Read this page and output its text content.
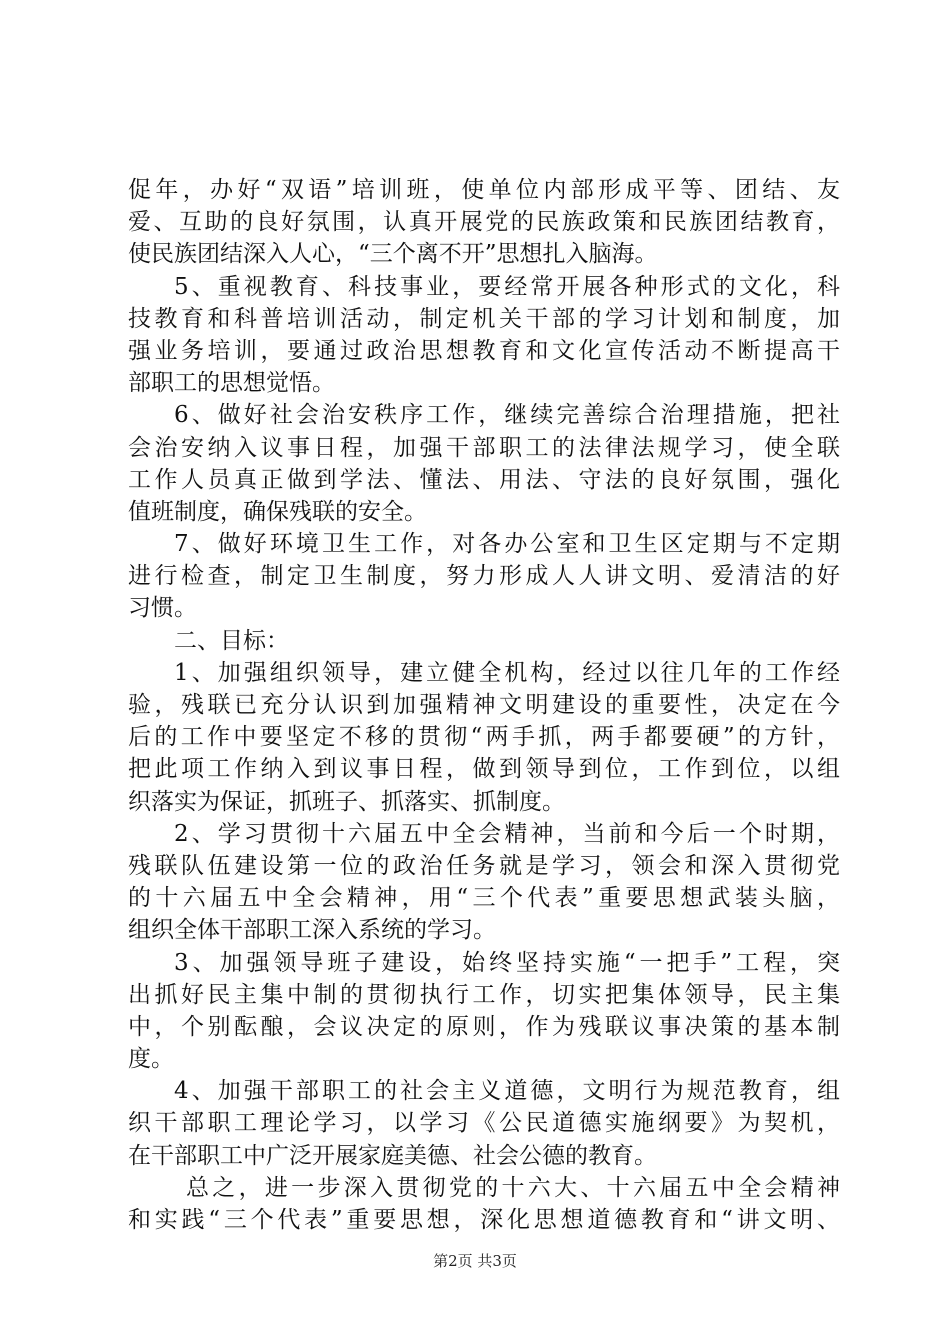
促年，办好“双语”培训班，使单位内部形成平等、团结、友
爱、互助的良好氛围，认真开展党的民族政策和民族团结教育，
使民族团结深入人心，“三个离不开”思想扎入脑海。
5、重视教育、科技事业，要经常开展各种形式的文化，科
技教育和科普培训活动，制定机关干部的学习计划和制度，加
强业务培训，要通过政治思想教育和文化宣传活动不断提高干
部职工的思想觉悟。
6、做好社会治安秩序工作，继续完善综合治理措施，把社
会治安纳入议事日程，加强干部职工的法律法规学习，使全联
工作人员真正做到学法、懂法、用法、守法的良好氛围，强化
值班制度，确保残联的安全。
7、做好环境卫生工作，对各办公室和卫生区定期与不定期
进行检查，制定卫生制度，努力形成人人讲文明、爱清洁的好
习惯。
二、目标：
1、加强组织领导，建立健全机构，经过以往几年的工作经
验，残联已充分认识到加强精神文明建设的重要性，决定在今
后的工作中要坚定不移的贯彻“两手抓，两手都要硬”的方针，
把此项工作纳入到议事日程，做到领导到位，工作到位，以组
织落实为保证，抓班子、抓落实、抓制度。
2、学习贯彻十六届五中全会精神，当前和今后一个时期，
残联队伍建设第一位的政治任务就是学习，领会和深入贯彻党
的十六届五中全会精神，用“三个代表”重要思想武装头脑，
组织全体干部职工深入系统的学习。
3、加强领导班子建设，始终坚持实施“一把手”工程，突
出抓好民主集中制的贯彻执行工作，切实把集体领导，民主集
中，个别酝酿，会议决定的原则，作为残联议事决策的基本制
度。
4、加强干部职工的社会主义道德，文明行为规范教育，组
织干部职工理论学习，以学习《公民道德实施纲要》为契机，
在干部职工中广泛开展家庭美德、社会公德的教育。
总之，进一步深入贯彻党的十六大、十六届五中全会精神
和实践“三个代表”重要思想，深化思想道德教育和“讲文明、
第2页 共3页
